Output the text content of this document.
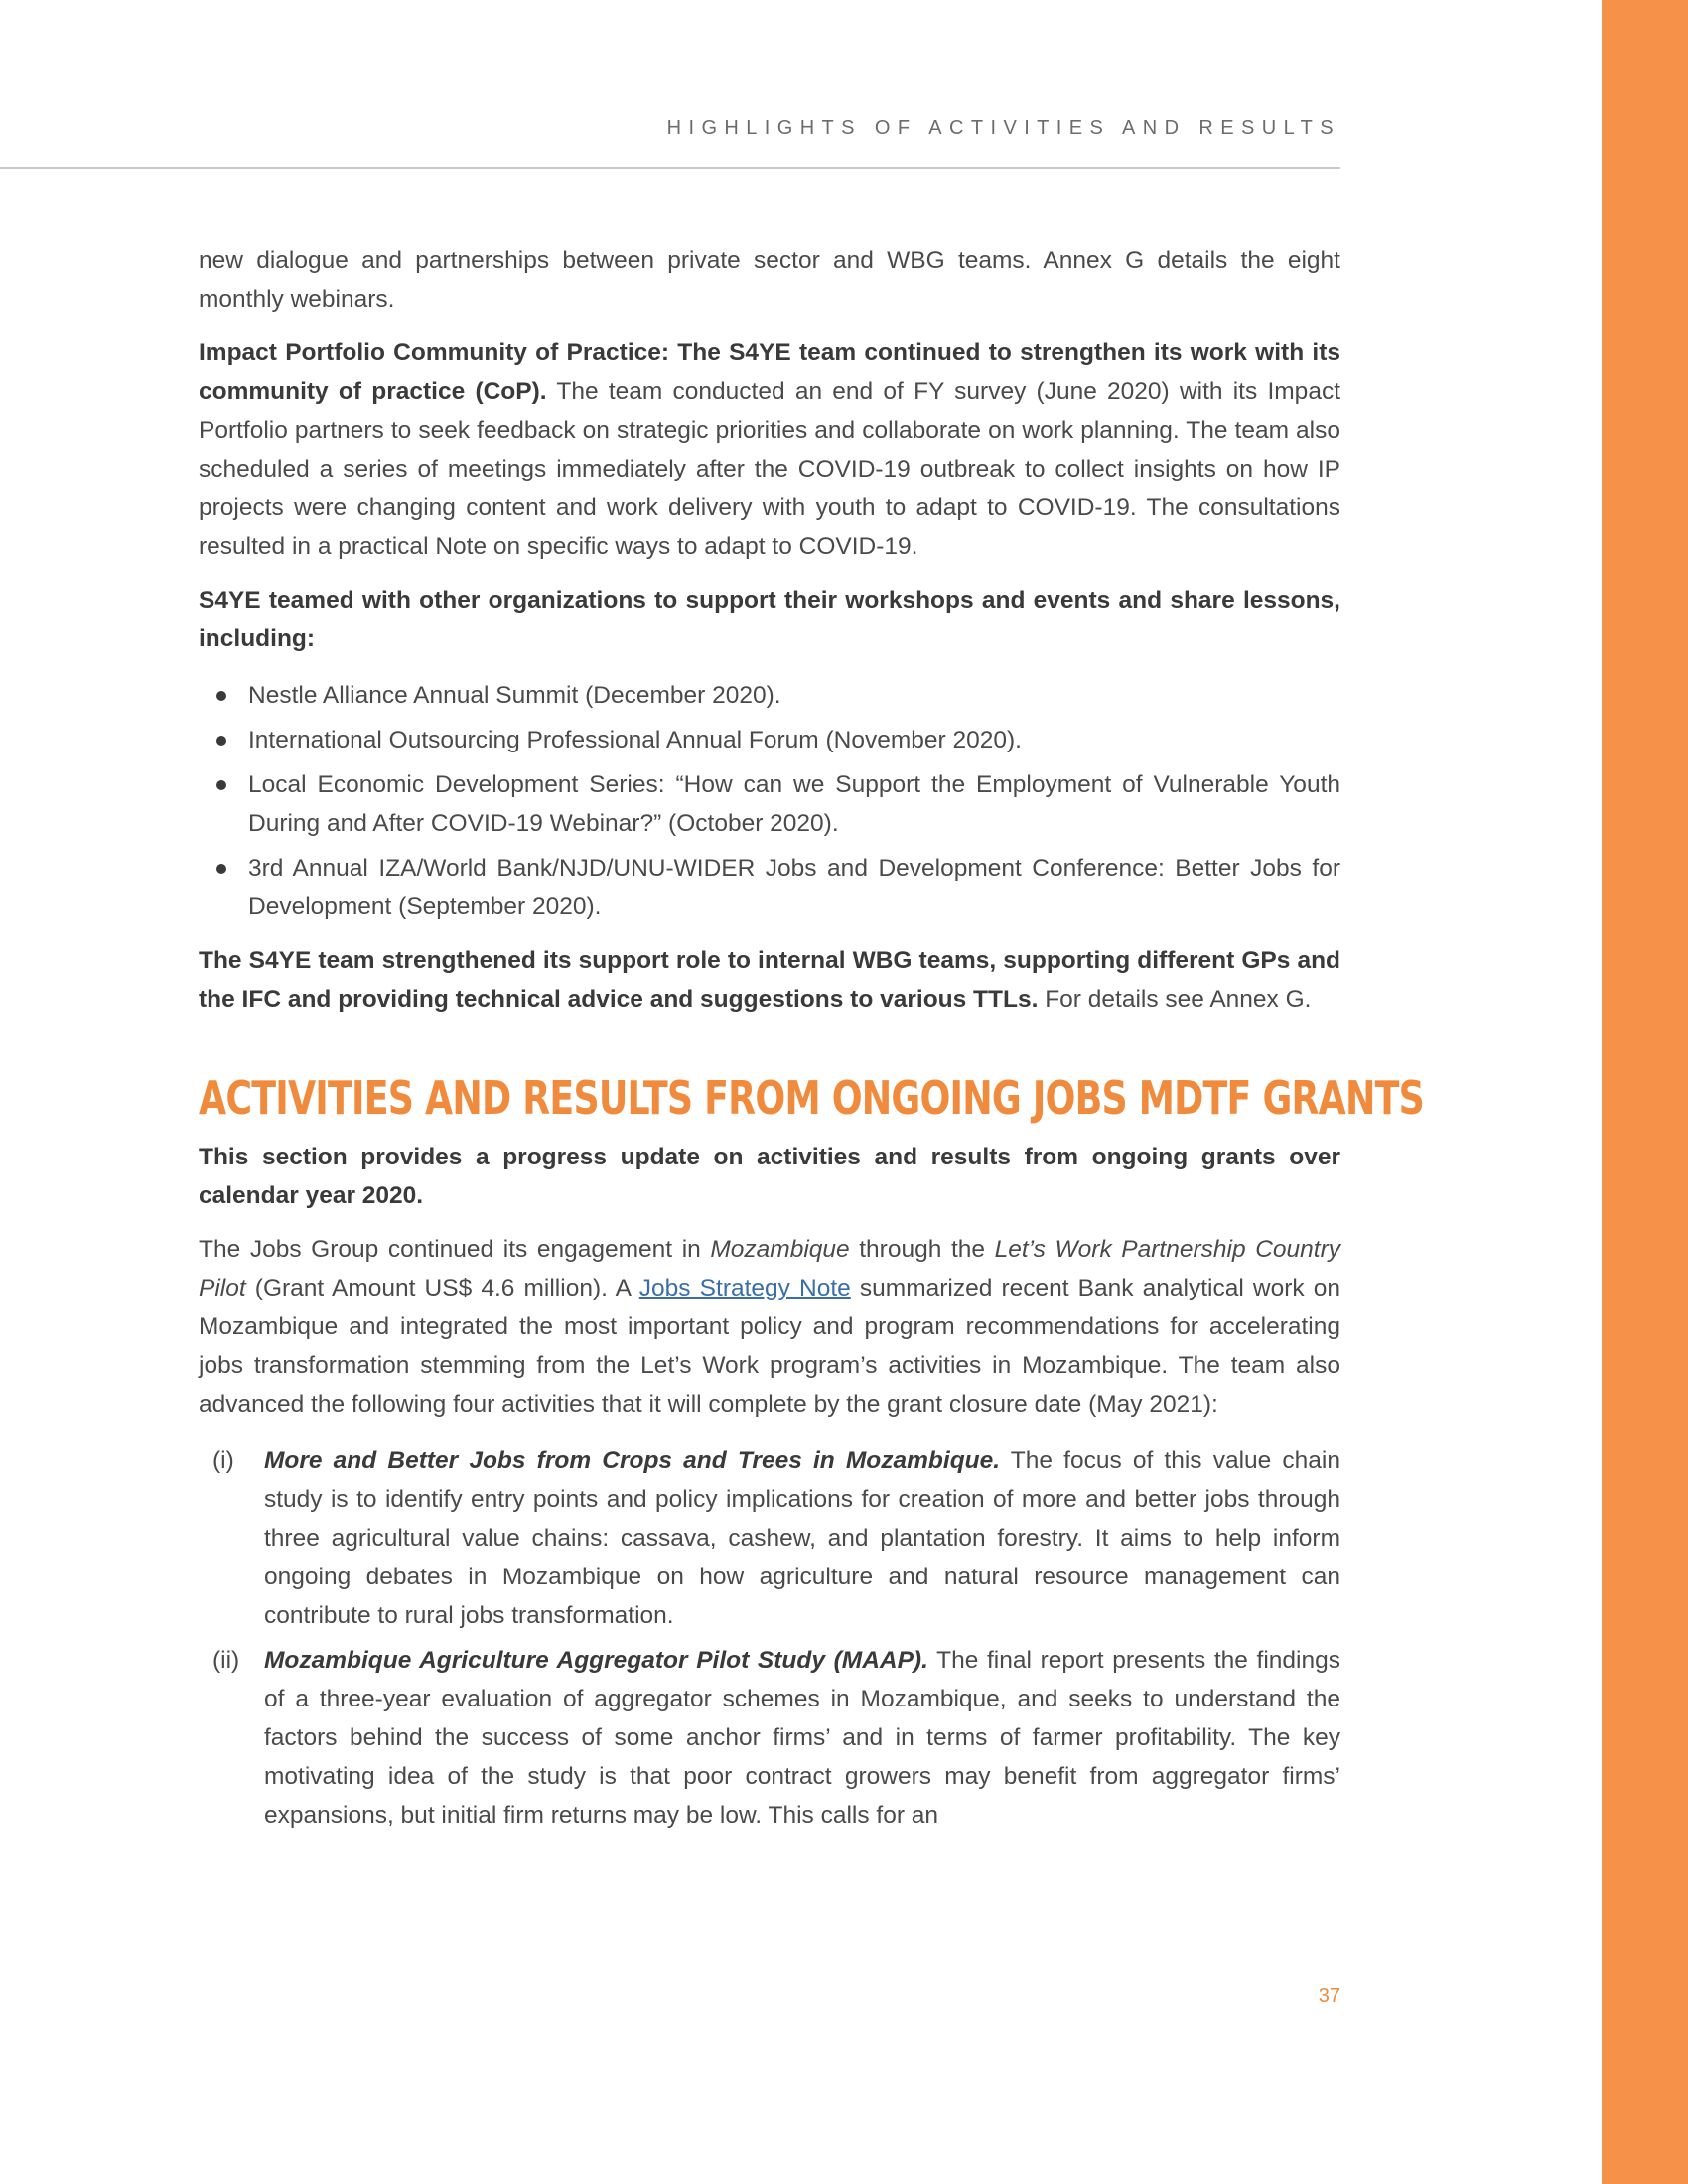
HIGHLIGHTS OF ACTIVITIES AND RESULTS

new dialogue and partnerships between private sector and WBG teams. Annex G details the eight monthly webinars.

Impact Portfolio Community of Practice: The S4YE team continued to strengthen its work with its community of practice (CoP). The team conducted an end of FY survey (June 2020) with its Impact Portfolio partners to seek feedback on strategic priorities and collaborate on work planning. The team also scheduled a series of meetings immediately after the COVID-19 outbreak to collect insights on how IP projects were changing content and work delivery with youth to adapt to COVID-19. The consultations resulted in a practical Note on specific ways to adapt to COVID-19.

S4YE teamed with other organizations to support their workshops and events and share lessons, including:

Nestle Alliance Annual Summit (December 2020).
International Outsourcing Professional Annual Forum (November 2020).
Local Economic Development Series: “How can we Support the Employment of Vulnerable Youth During and After COVID-19 Webinar?” (October 2020).
3rd Annual IZA/World Bank/NJD/UNU-WIDER Jobs and Development Conference: Better Jobs for Development (September 2020).

The S4YE team strengthened its support role to internal WBG teams, supporting different GPs and the IFC and providing technical advice and suggestions to various TTLs. For details see Annex G.

ACTIVITIES AND RESULTS FROM ONGOING JOBS MDTF GRANTS

This section provides a progress update on activities and results from ongoing grants over calendar year 2020.

The Jobs Group continued its engagement in Mozambique through the Let’s Work Partnership Country Pilot (Grant Amount US$ 4.6 million). A Jobs Strategy Note summarized recent Bank analytical work on Mozambique and integrated the most important policy and program recommendations for accelerating jobs transformation stemming from the Let’s Work program’s activities in Mozambique. The team also advanced the following four activities that it will complete by the grant closure date (May 2021):

(i) More and Better Jobs from Crops and Trees in Mozambique. The focus of this value chain study is to identify entry points and policy implications for creation of more and better jobs through three agricultural value chains: cassava, cashew, and plantation forestry. It aims to help inform ongoing debates in Mozambique on how agriculture and natural resource management can contribute to rural jobs transformation.
(ii) Mozambique Agriculture Aggregator Pilot Study (MAAP). The final report presents the findings of a three-year evaluation of aggregator schemes in Mozambique, and seeks to understand the factors behind the success of some anchor firms’ and in terms of farmer profitability. The key motivating idea of the study is that poor contract growers may benefit from aggregator firms’ expansions, but initial firm returns may be low. This calls for an
37
